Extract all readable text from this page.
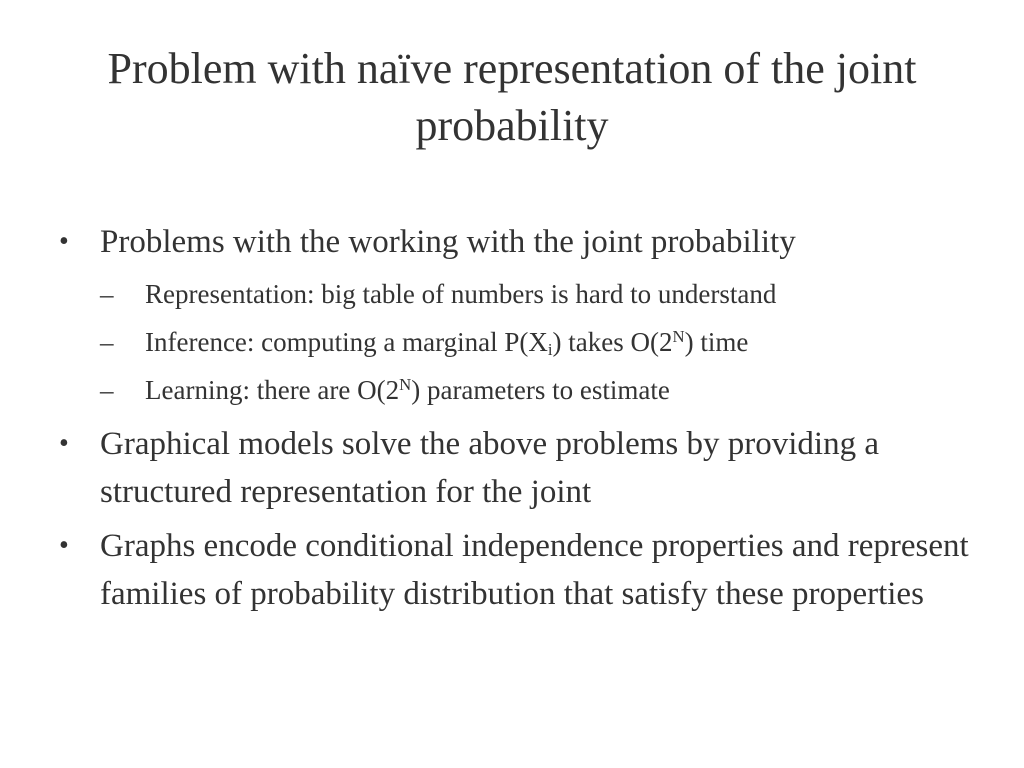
Problem with naïve representation of the joint probability
• Problems with the working with the joint probability
– Representation: big table of numbers is hard to understand
– Inference: computing a marginal $P(X_i)$ takes $O(2^N)$ time
– Learning: there are $O(2^N)$ parameters to estimate
• Graphical models solve the above problems by providing a structured representation for the joint
• Graphs encode conditional independence properties and represent families of probability distribution that satisfy these properties
